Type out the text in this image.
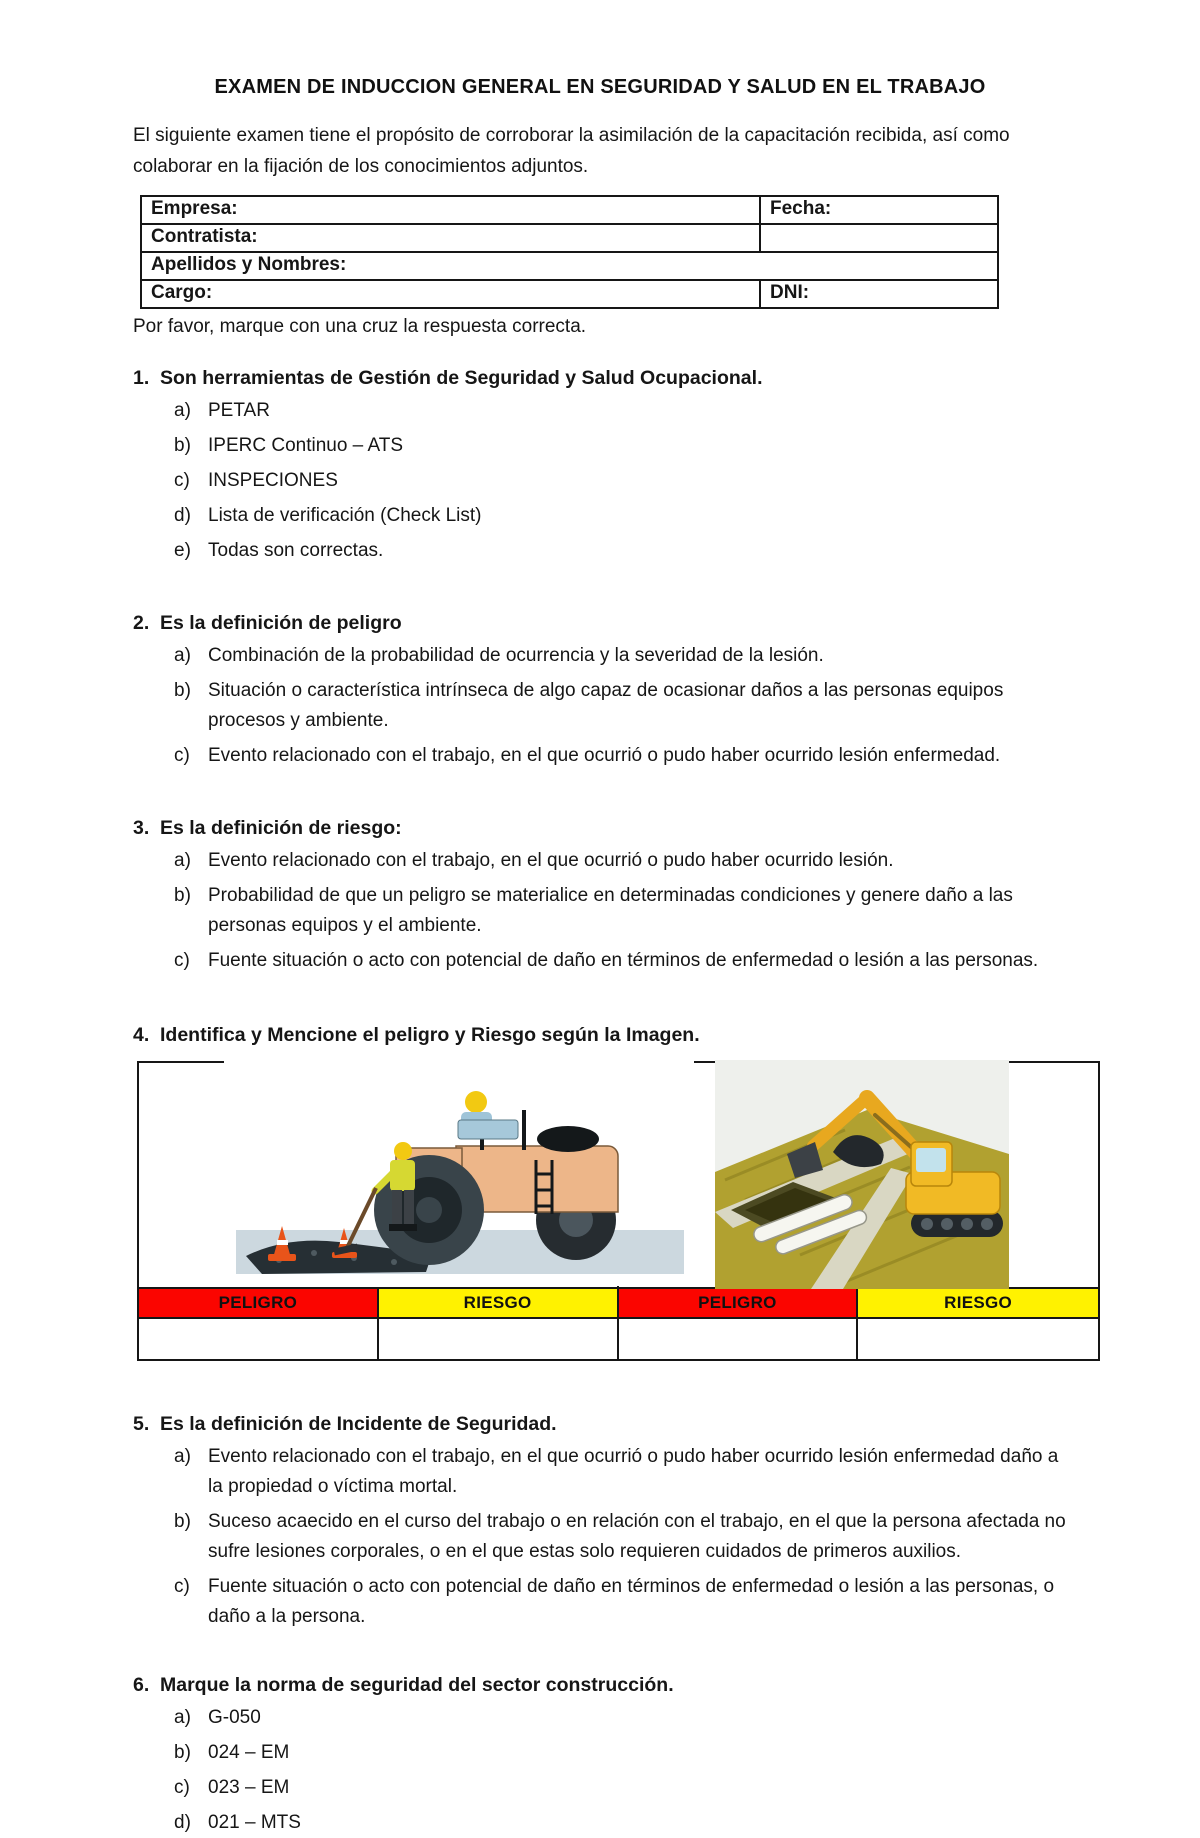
EXAMEN DE INDUCCION GENERAL EN SEGURIDAD Y SALUD EN EL TRABAJO
El siguiente examen tiene el propósito de corroborar la asimilación de la capacitación recibida, así como colaborar en la fijación de los conocimientos adjuntos.
Empresa:	Fecha:
Contratista:
Apellidos y Nombres:
Cargo:	DNI:
Por favor, marque con una cruz la respuesta correcta.
1. Son herramientas de Gestión de Seguridad y Salud Ocupacional.
a) PETAR
b) IPERC Continuo – ATS
c) INSPECIONES
d) Lista de verificación (Check List)
e) Todas son correctas.
2. Es la definición de peligro
a) Combinación de la probabilidad de ocurrencia y la severidad de la lesión.
b) Situación o característica intrínseca de algo capaz de ocasionar daños a las personas equipos procesos y ambiente.
c) Evento relacionado con el trabajo, en el que ocurrió o pudo haber ocurrido lesión enfermedad.
3. Es la definición de riesgo:
a) Evento relacionado con el trabajo, en el que ocurrió o pudo haber ocurrido lesión.
b) Probabilidad de que un peligro se materialice en determinadas condiciones y genere daño a las personas equipos y el ambiente.
c) Fuente situación o acto con potencial de daño en términos de enfermedad o lesión a las personas.
4. Identifica y Mencione el peligro y Riesgo según la Imagen.
PELIGRO	RIESGO	PELIGRO	RIESGO
5. Es la definición de Incidente de Seguridad.
a) Evento relacionado con el trabajo, en el que ocurrió o pudo haber ocurrido lesión enfermedad daño a la propiedad o víctima mortal.
b) Suceso acaecido en el curso del trabajo o en relación con el trabajo, en el que la persona afectada no sufre lesiones corporales, o en el que estas solo requieren cuidados de primeros auxilios.
c) Fuente situación o acto con potencial de daño en términos de enfermedad o lesión a las personas, o daño a la persona.
6. Marque la norma de seguridad del sector construcción.
a) G-050
b) 024 – EM
c) 023 – EM
d) 021 – MTS
